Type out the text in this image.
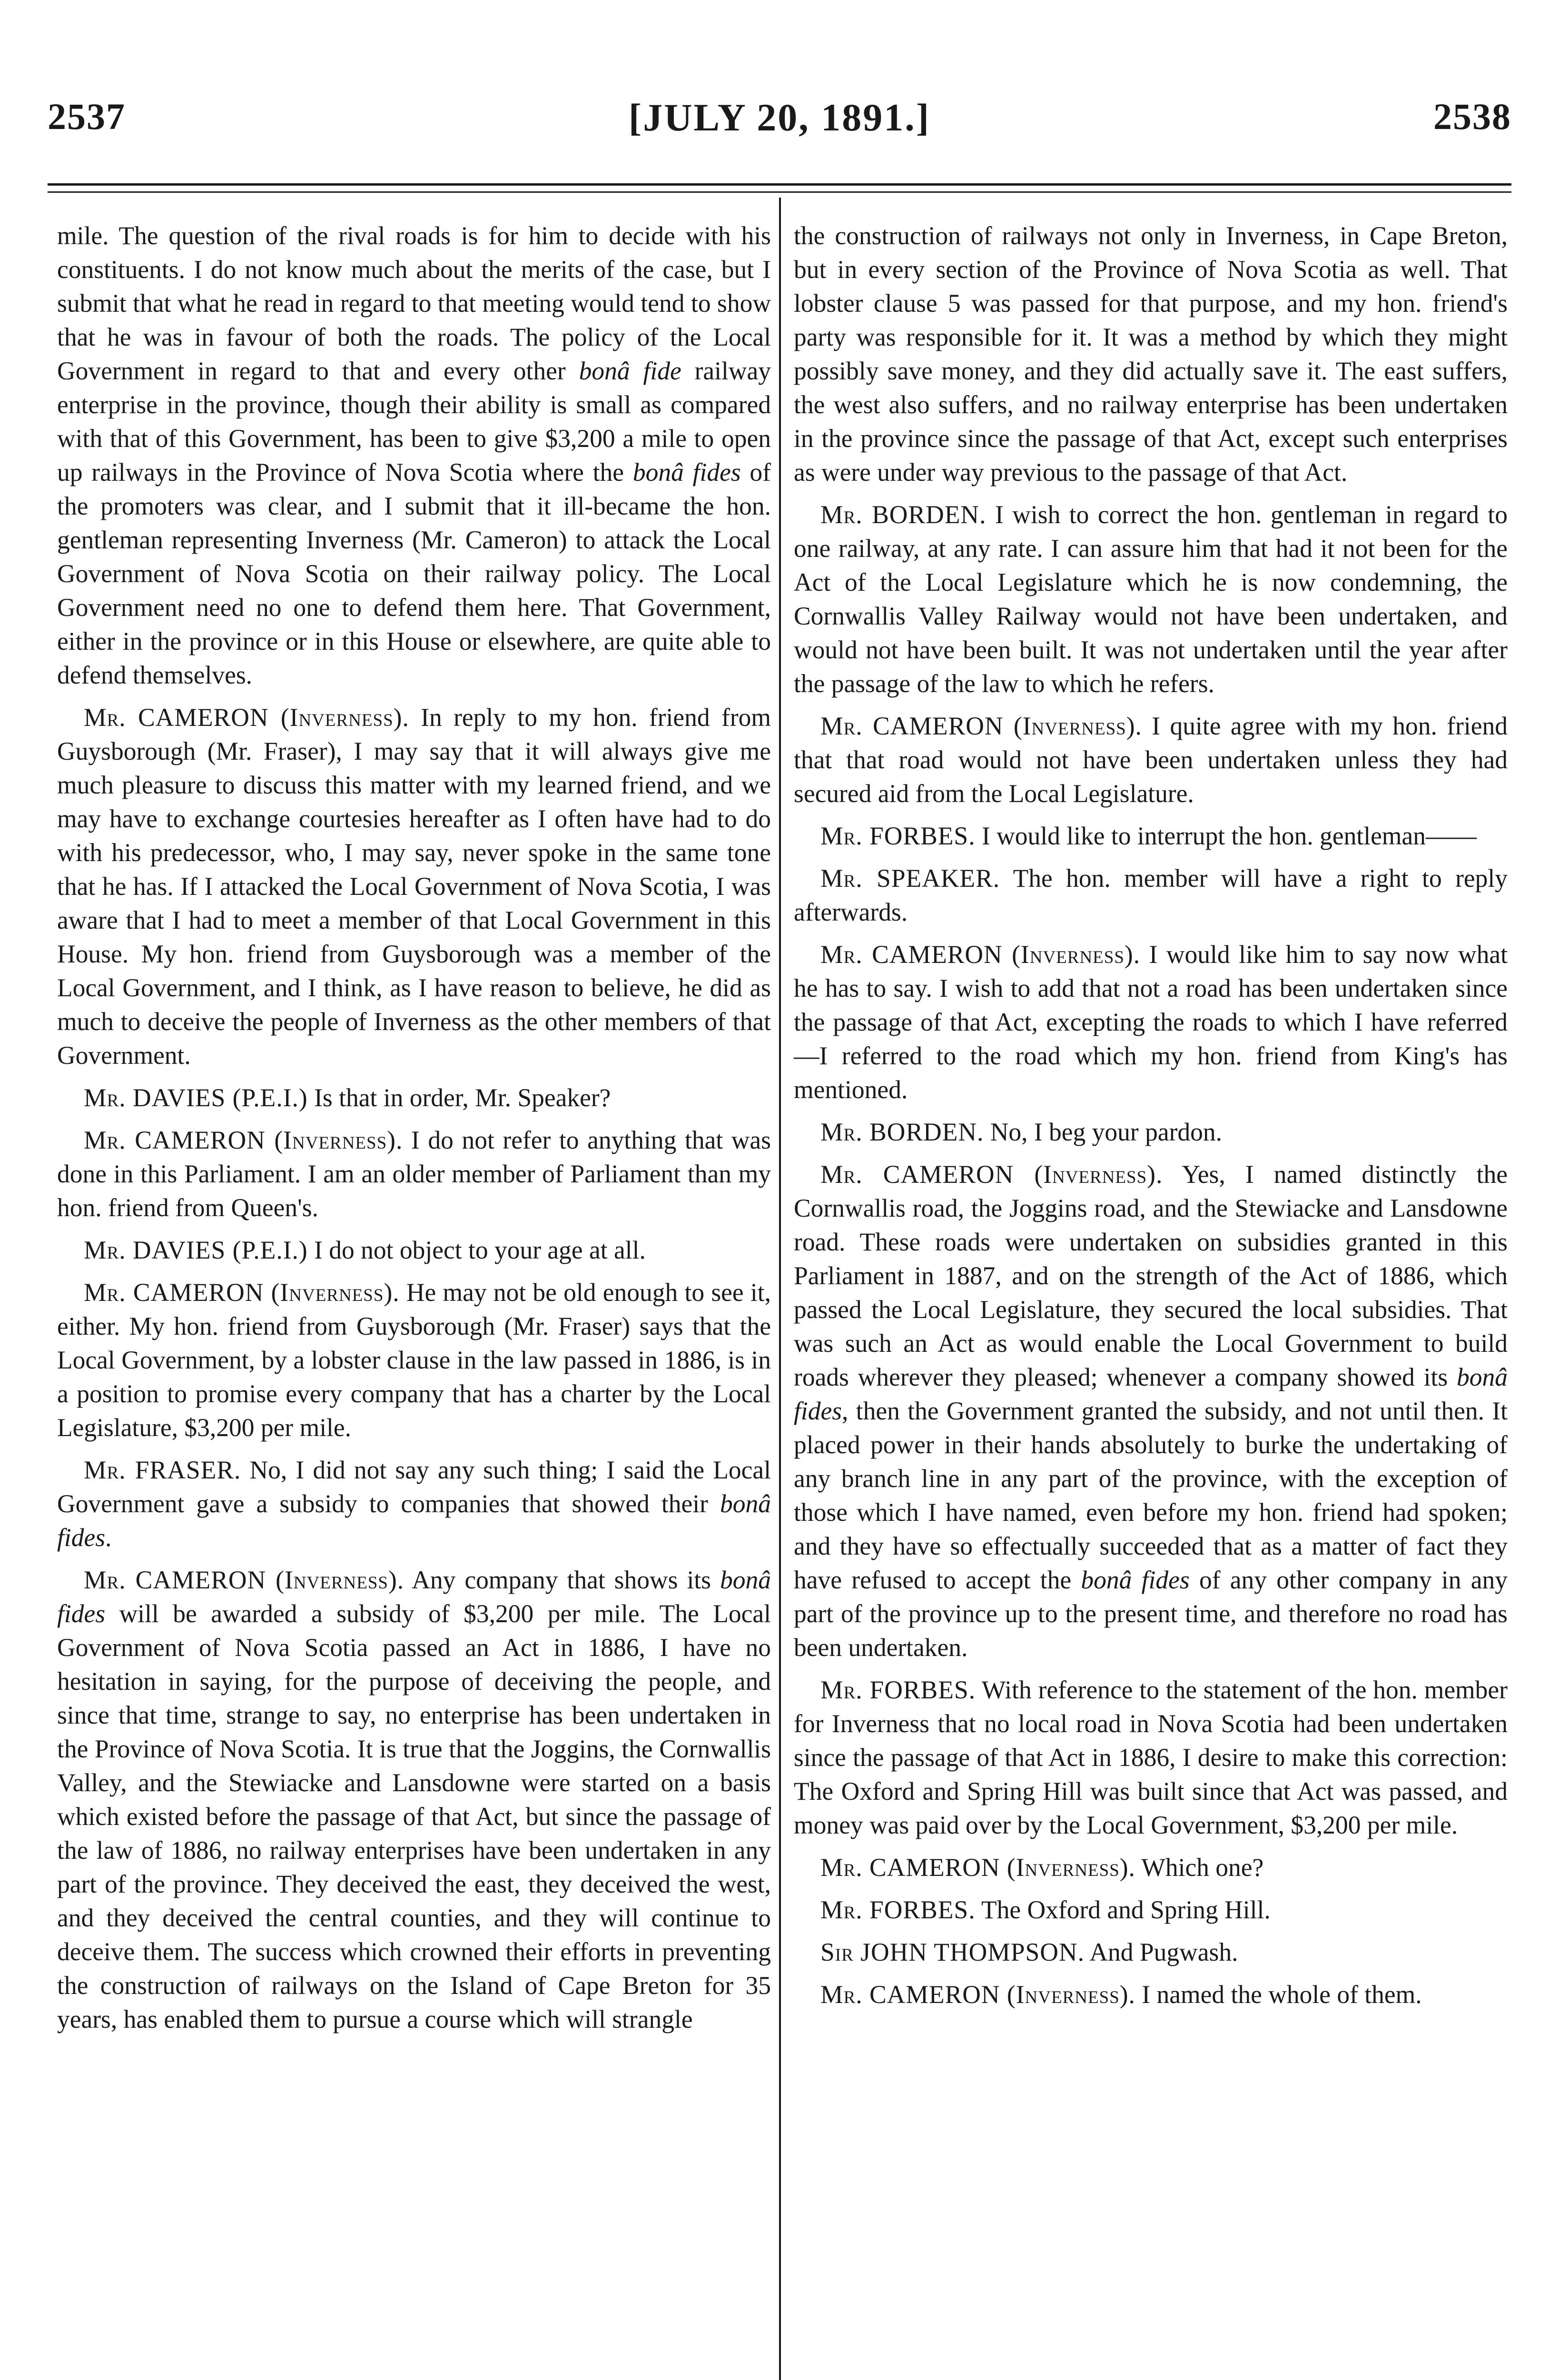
2537	[JULY 20, 1891.]	2538

mile. The question of the rival roads is for him to decide with his constituents. I do not know much about the merits of the case, but I submit that what he read in regard to that meeting would tend to show that he was in favour of both the roads. The policy of the Local Government in regard to that and every other bonâ fide railway enterprise in the province, though their ability is small as compared with that of this Government, has been to give $3,200 a mile to open up railways in the Province of Nova Scotia where the bonâ fides of the promoters was clear, and I submit that it ill-became the hon. gentleman representing Inverness (Mr. Cameron) to attack the Local Government of Nova Scotia on their railway policy. The Local Government need no one to defend them here. That Government, either in the province or in this House or elsewhere, are quite able to defend themselves.

Mr. CAMERON (Inverness). In reply to my hon. friend from Guysborough (Mr. Fraser), I may say that it will always give me much pleasure to discuss this matter with my learned friend, and we may have to exchange courtesies hereafter as I often have had to do with his predecessor, who, I may say, never spoke in the same tone that he has. If I attacked the Local Government of Nova Scotia, I was aware that I had to meet a member of that Local Government in this House. My hon. friend from Guysborough was a member of the Local Government, and I think, as I have reason to believe, he did as much to deceive the people of Inverness as the other members of that Government.

Mr. DAVIES (P.E.I.) Is that in order, Mr. Speaker?

Mr. CAMERON (Inverness). I do not refer to anything that was done in this Parliament. I am an older member of Parliament than my hon. friend from Queen's.

Mr. DAVIES (P.E.I.) I do not object to your age at all.

Mr. CAMERON (Inverness). He may not be old enough to see it, either. My hon. friend from Guysborough (Mr. Fraser) says that the Local Government, by a lobster clause in the law passed in 1886, is in a position to promise every company that has a charter by the Local Legislature, $3,200 per mile.

Mr. FRASER. No, I did not say any such thing; I said the Local Government gave a subsidy to companies that showed their bonâ fides.

Mr. CAMERON (Inverness). Any company that shows its bonâ fides will be awarded a subsidy of $3,200 per mile. The Local Government of Nova Scotia passed an Act in 1886, I have no hesitation in saying, for the purpose of deceiving the people, and since that time, strange to say, no enterprise has been undertaken in the Province of Nova Scotia. It is true that the Joggins, the Cornwallis Valley, and the Stewiacke and Lansdowne were started on a basis which existed before the passage of that Act, but since the passage of the law of 1886, no railway enterprises have been undertaken in any part of the province. They deceived the east, they deceived the west, and they deceived the central counties, and they will continue to deceive them. The success which crowned their efforts in preventing the construction of railways on the Island of Cape Breton for 35 years, has enabled them to pursue a course which will strangle

the construction of railways not only in Inverness, in Cape Breton, but in every section of the Province of Nova Scotia as well. That lobster clause 5 was passed for that purpose, and my hon. friend's party was responsible for it. It was a method by which they might possibly save money, and they did actually save it. The east suffers, the west also suffers, and no railway enterprise has been undertaken in the province since the passage of that Act, except such enterprises as were under way previous to the passage of that Act.

Mr. BORDEN. I wish to correct the hon. gentleman in regard to one railway, at any rate. I can assure him that had it not been for the Act of the Local Legislature which he is now condemning, the Cornwallis Valley Railway would not have been undertaken, and would not have been built. It was not undertaken until the year after the passage of the law to which he refers.

Mr. CAMERON (Inverness). I quite agree with my hon. friend that that road would not have been undertaken unless they had secured aid from the Local Legislature.

Mr. FORBES. I would like to interrupt the hon. gentleman——

Mr. SPEAKER. The hon. member will have a right to reply afterwards.

Mr. CAMERON (Inverness). I would like him to say now what he has to say. I wish to add that not a road has been undertaken since the passage of that Act, excepting the roads to which I have referred—I referred to the road which my hon. friend from King's has mentioned.

Mr. BORDEN. No, I beg your pardon.

Mr. CAMERON (Inverness). Yes, I named distinctly the Cornwallis road, the Joggins road, and the Stewiacke and Lansdowne road. These roads were undertaken on subsidies granted in this Parliament in 1887, and on the strength of the Act of 1886, which passed the Local Legislature, they secured the local subsidies. That was such an Act as would enable the Local Government to build roads wherever they pleased; whenever a company showed its bonâ fides, then the Government granted the subsidy, and not until then. It placed power in their hands absolutely to burke the undertaking of any branch line in any part of the province, with the exception of those which I have named, even before my hon. friend had spoken; and they have so effectually succeeded that as a matter of fact they have refused to accept the bonâ fides of any other company in any part of the province up to the present time, and therefore no road has been undertaken.

Mr. FORBES. With reference to the statement of the hon. member for Inverness that no local road in Nova Scotia had been undertaken since the passage of that Act in 1886, I desire to make this correction: The Oxford and Spring Hill was built since that Act was passed, and money was paid over by the Local Government, $3,200 per mile.

Mr. CAMERON (Inverness). Which one?

Mr. FORBES. The Oxford and Spring Hill.

Sir JOHN THOMPSON. And Pugwash.

Mr. CAMERON (Inverness). I named the whole of them.
